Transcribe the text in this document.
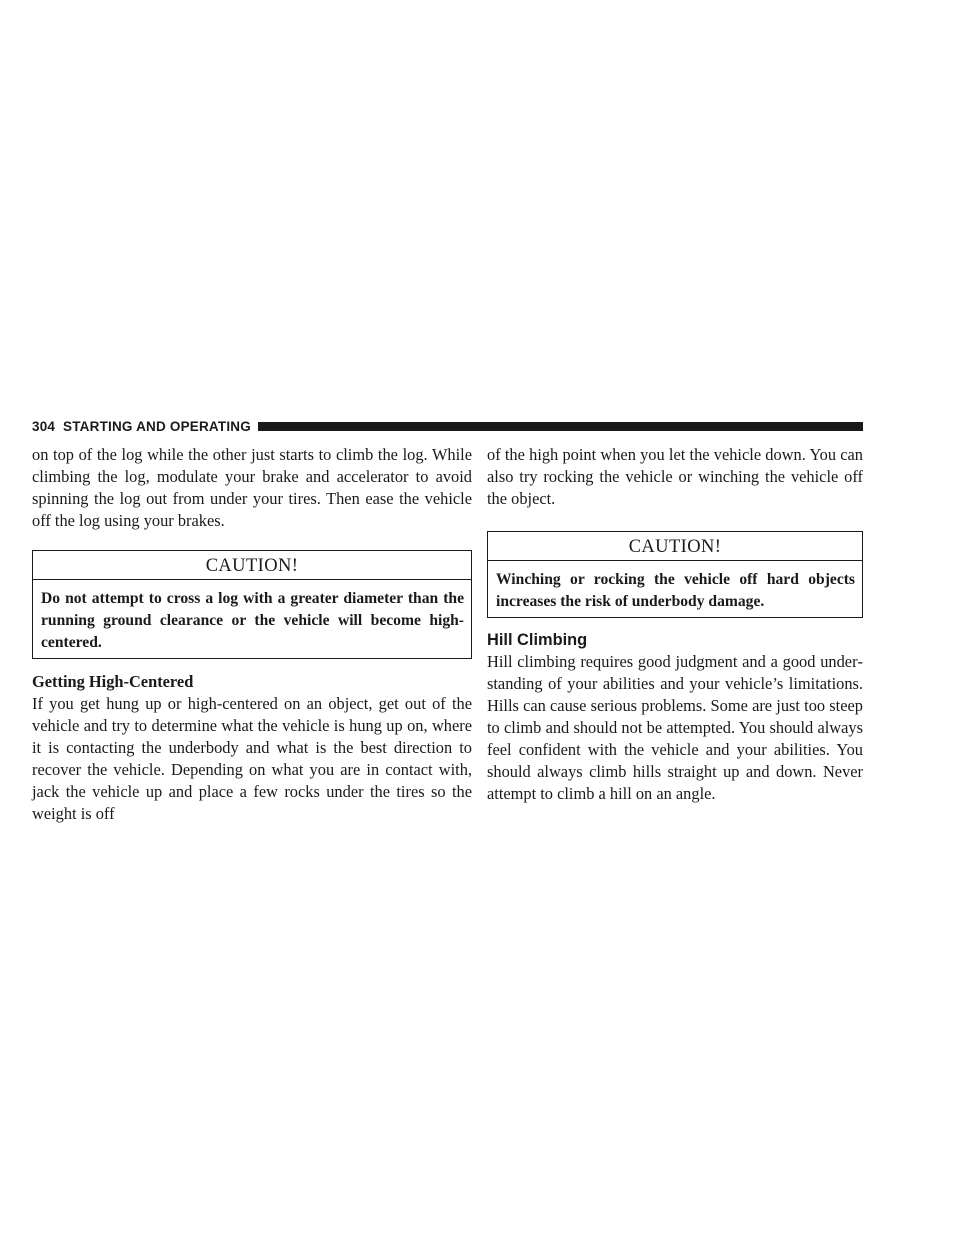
304 STARTING AND OPERATING

on top of the log while the other just starts to climb the log. While climbing the log, modulate your brake and accelerator to avoid spinning the log out from under your tires. Then ease the vehicle off the log using your brakes.

CAUTION!
Do not attempt to cross a log with a greater diameter than the running ground clearance or the vehicle will become high-centered.
Getting High-Centered

If you get hung up or high-centered on an object, get out of the vehicle and try to determine what the vehicle is hung up on, where it is contacting the underbody and what is the best direction to recover the vehicle. Depending on what you are in contact with, jack the vehicle up and place a few rocks under the tires so the weight is off

of the high point when you let the vehicle down. You can also try rocking the vehicle or winching the vehicle off the object.

CAUTION!
Winching or rocking the vehicle off hard objects increases the risk of underbody damage.
Hill Climbing

Hill climbing requires good judgment and a good understanding of your abilities and your vehicle’s limitations. Hills can cause serious problems. Some are just too steep to climb and should not be attempted. You should always feel confident with the vehicle and your abilities. You should always climb hills straight up and down. Never attempt to climb a hill on an angle.
